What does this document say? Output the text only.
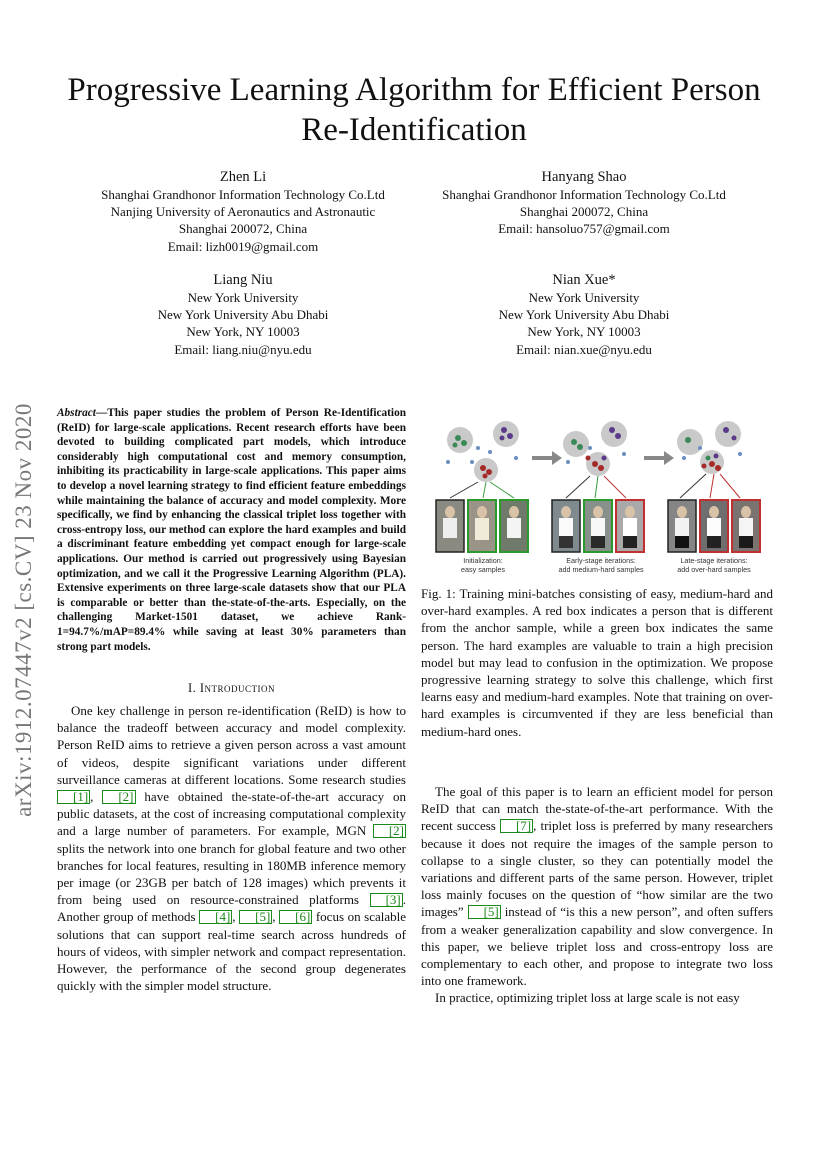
Progressive Learning Algorithm for Efficient Person
Re-Identification
Zhen Li
Shanghai Grandhonor Information Technology Co.Ltd
Nanjing University of Aeronautics and Astronautic
Shanghai 200072, China
Email: lizh0019@gmail.com
Hanyang Shao
Shanghai Grandhonor Information Technology Co.Ltd
Shanghai 200072, China
Email: hansoluo757@gmail.com
Liang Niu
New York University
New York University Abu Dhabi
New York, NY 10003
Email: liang.niu@nyu.edu
Nian Xue*
New York University
New York University Abu Dhabi
New York, NY 10003
Email: nian.xue@nyu.edu
arXiv:1912.07447v2 [cs.CV] 23 Nov 2020 Abstract—This paper studies the problem of Person Re-Identification (ReID) for large-scale applications. Recent research efforts have been devoted to building complicated part models, which introduce considerably high computational cost and memory consumption, inhibiting its practicability in large-scale applications. This paper aims to develop a novel learning strategy to find efficient feature embeddings while maintaining the balance of accuracy and model complexity. More specifically, we find by enhancing the classical triplet loss together with cross-entropy loss, our method can explore the hard examples and build a discriminant feature embedding yet compact enough for large-scale applications. Our method is carried out progressively using Bayesian optimization, and we call it the Progressive Learning Algorithm (PLA). Extensive experiments on three large-scale datasets show that our PLA is comparable or better than the-state-of-the-arts. Especially, on the challenging Market-1501 dataset, we achieve Rank-1=94.7%/mAP=89.4% while saving at least 30% parameters than strong part models.
I. Introduction

One key challenge in person re-identification (ReID) is how to balance the tradeoff between accuracy and model complexity. Person ReID aims to retrieve a given person across a vast amount of videos, despite significant variations under different surveillance cameras at different locations. Some research studies [1] , [2] have obtained the-state-of-the-art accuracy on public datasets, at the cost of increasing computational complexity and a large number of parameters. For example, MGN [2] splits the network into one branch for global feature and two other branches for local features, resulting in 180MB inference memory per image (or 23GB per batch of 128 images) which prevents it from being used on resource-constrained platforms [3] . Another group of methods [4] , [5] , [6] focus on scalable solutions that can support real-time search across hundreds of hours of videos, with simpler network and compact representation. However, the performance of the second group degenerates quickly with the simpler model structure.

Initialization:
easy samples
Early-stage iterations:
add medium-hard samples
Late-stage iterations:
add over-hard samples
Fig. 1: Training mini-batches consisting of easy, medium-hard and over-hard examples. A red box indicates a person that is different from the anchor sample, while a green box indicates the same person. The hard examples are valuable to train a high precision model but may lead to confusion in the optimization. We propose progressive learning strategy to solve this challenge, which first learns easy and medium-hard examples. Note that training on over-hard examples is circumvented if they are less beneficial than medium-hard ones.

The goal of this paper is to learn an efficient model for person ReID that can match the-state-of-the-art performance. With the recent success [7] , triplet loss is preferred by many researchers because it does not require the images of the sample person to collapse to a single cluster, so they can potentially model the variations and different parts of the same person. However, triplet loss mainly focuses on the question of “how similar are the two images” [5] instead of “is this a new person”, and often suffers from a weaker generalization capability and slow convergence. In this paper, we believe triplet loss and cross-entropy loss are complementary to each other, and propose to integrate two loss into one framework.

In practice, optimizing triplet loss at large scale is not easy
